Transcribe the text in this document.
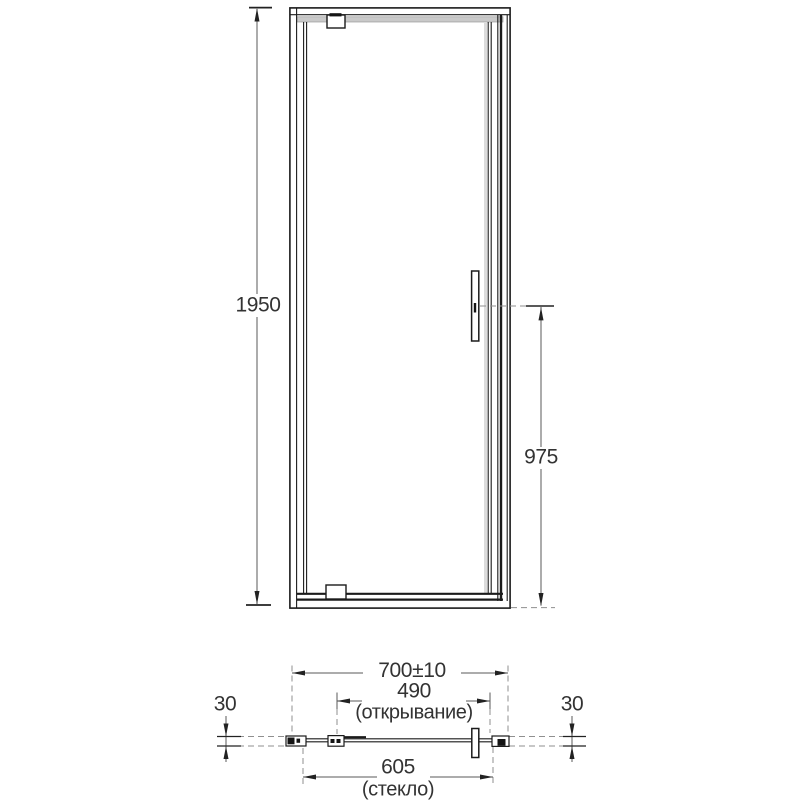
1950
975
700±10
490
(открывание)
30	30
605
(стекло)
